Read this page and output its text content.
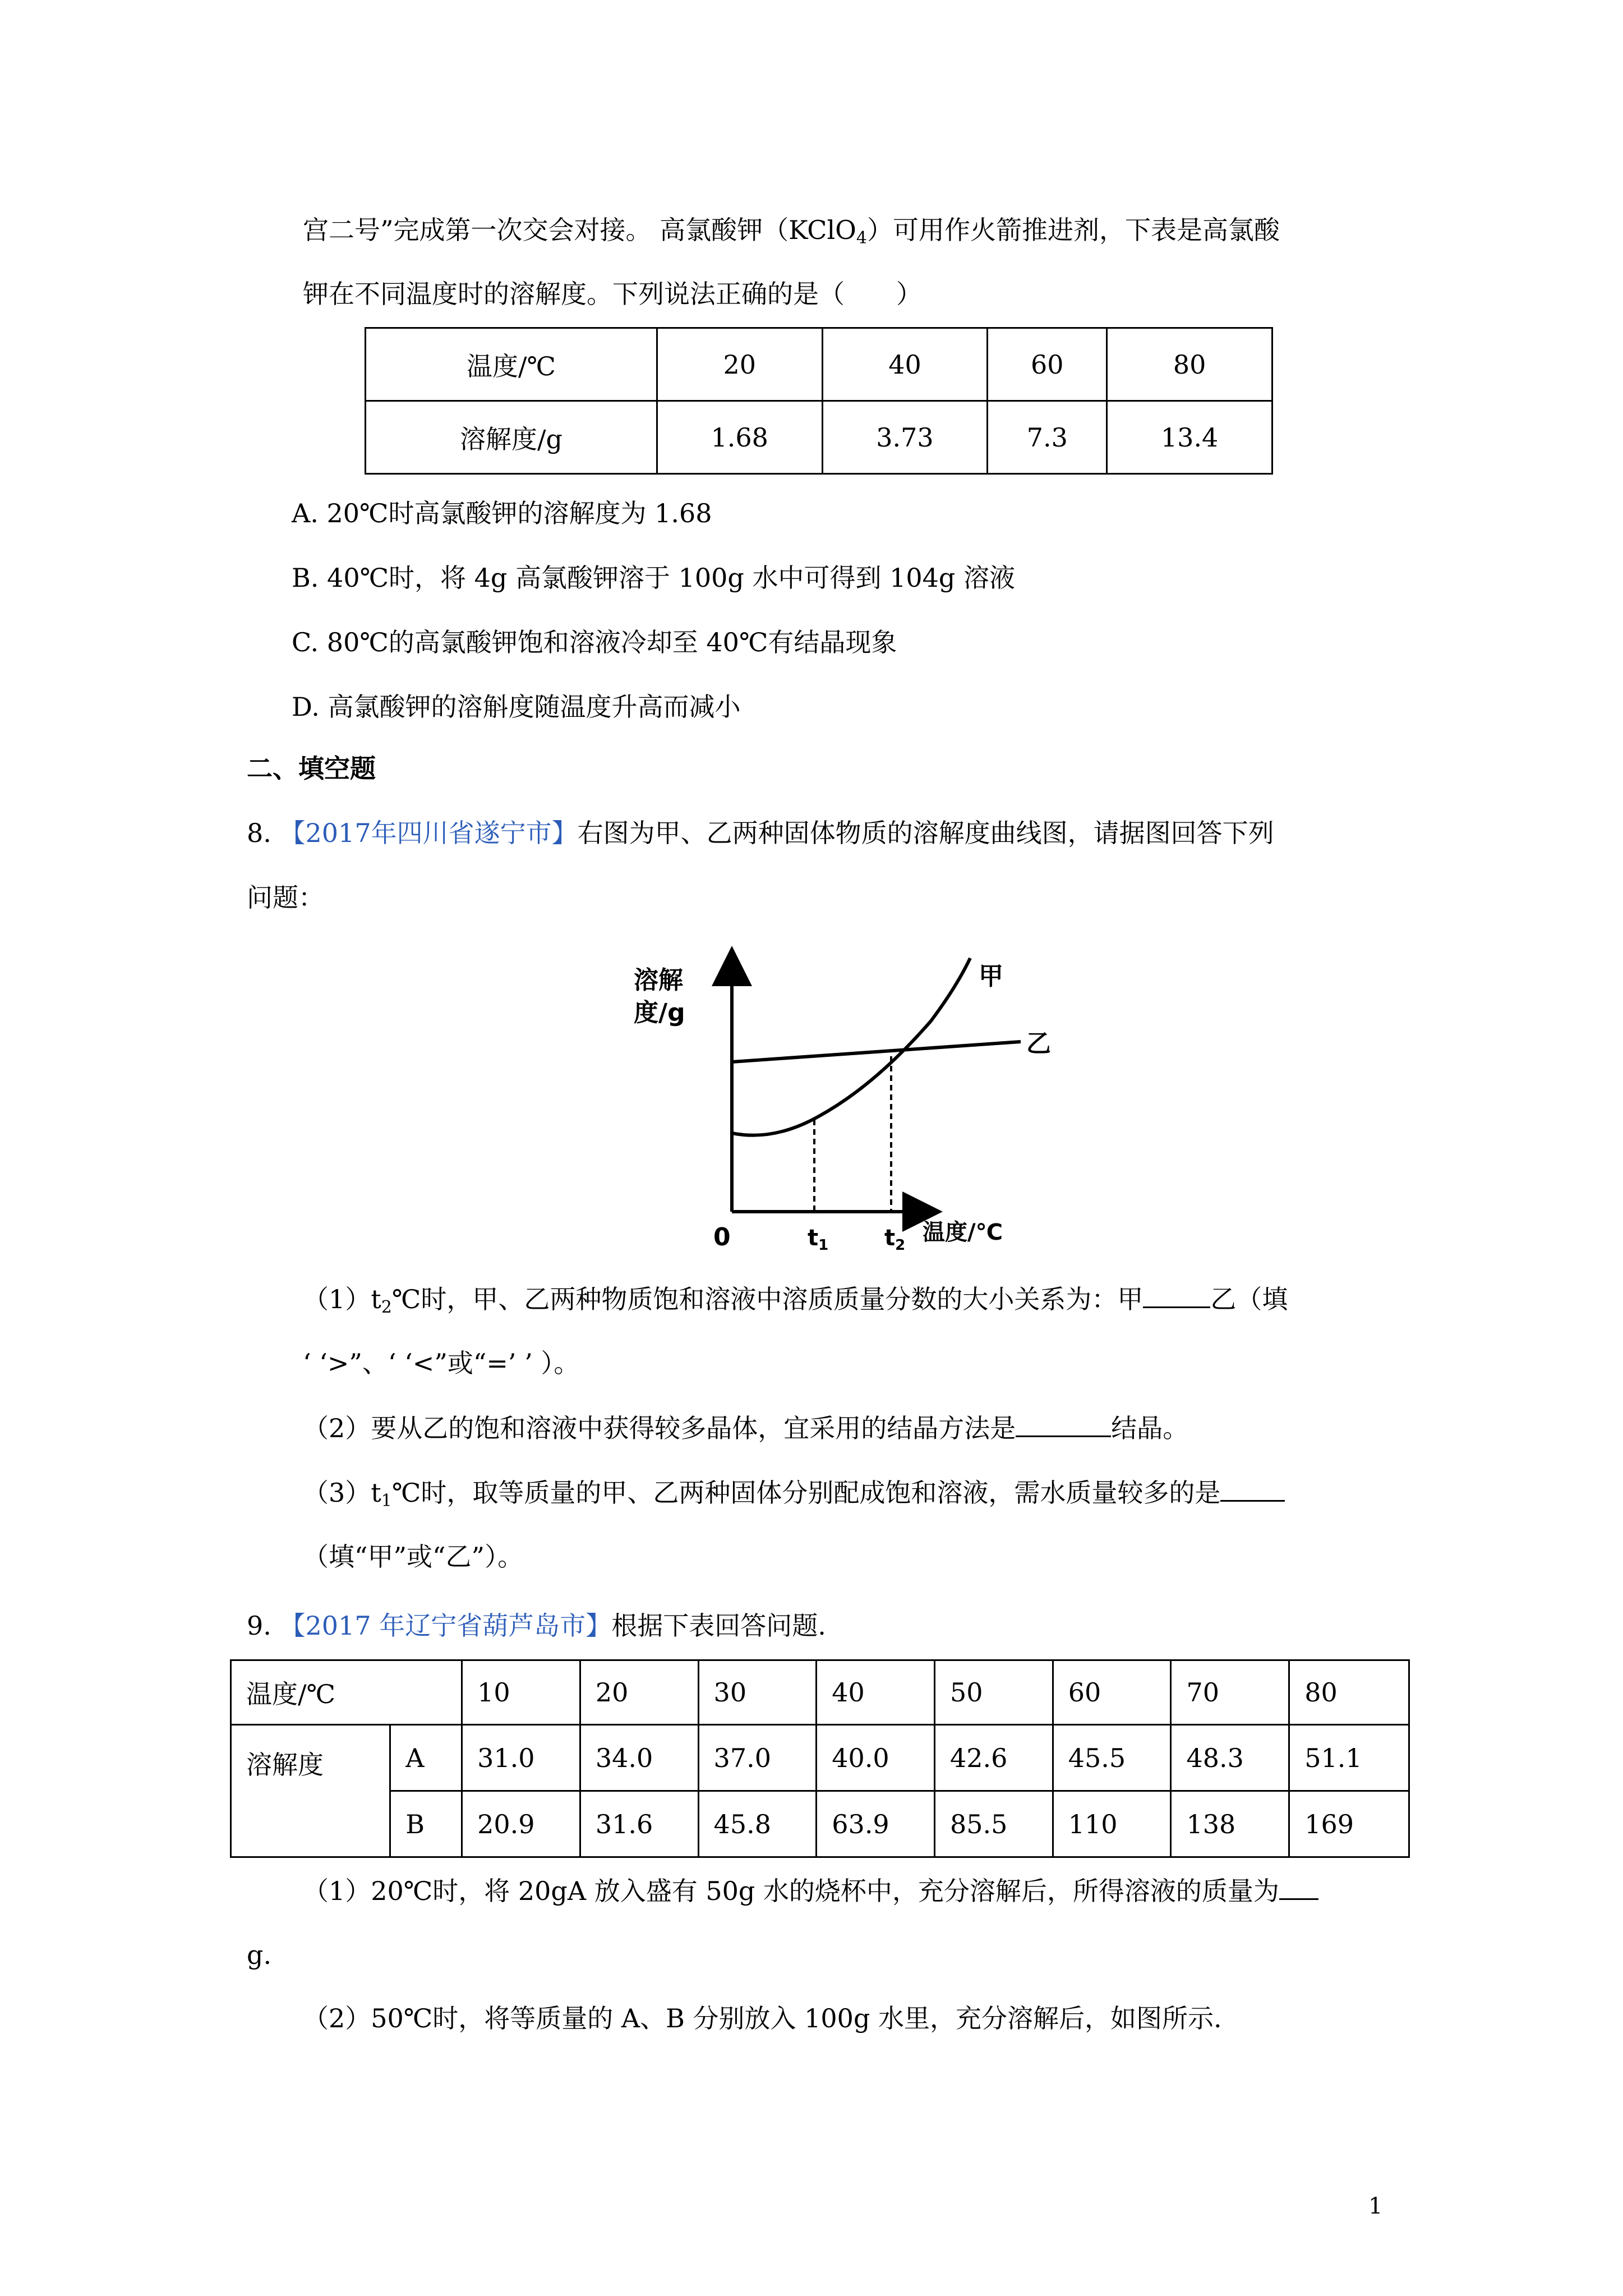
宫二号”完成第一次交会对接。 高氯酸钾（KClO$_4$）可用作火箭推进剂，下表是高氯酸
钾在不同温度时的溶解度。下列说法正确的是（　　）
温度/℃	20	40	60	80
溶解度/g	1.68	3.73	7.3	13.4
A. 20℃时高氯酸钾的溶解度为 1.68
B. 40℃时，将 4g 高氯酸钾溶于 100g 水中可得到 104g 溶液
C. 80℃的高氯酸钾饱和溶液冷却至 40℃有结晶现象
D. 高氯酸钾的溶斛度随温度升高而减小
二、填空题
8. 【2017年四川省遂宁市】右图为甲、乙两种固体物质的溶解度曲线图，请据图回答下列
问题：
溶解
度/g
甲
乙
0	$t_1$ $t_2$ 温度/℃
$(1)t_2℃$时，甲、乙两种物质饱和溶液中溶质质量分数的大小关系为：甲	乙（填
‘ ‘>”、‘ ‘<”或“=’ ’ ）。
（2）要从乙的饱和溶液中获得较多晶体，宜采用的结晶方法是	结晶。
$(3)t_1℃$时，取等质量的甲、乙两种固体分别配成饱和溶液，需水质量较多的是
（填“甲”或“乙”）。
9. 【2017 年辽宁省葫芦岛市】根据下表回答问题.
温度/℃		10	20	30	40	50	60	70	80
溶解度	A	31.0	34.0	37.0	40.0	42.6	45.5	48.3	51.1
	B	20.9	31.6	45.8	63.9	85.5	110	138	169
（1）20℃时，将 20gA 放入盛有 50g 水的烧杯中，充分溶解后，所得溶液的质量为
g.
（2）50℃时，将等质量的 A、B 分别放入 100g 水里，充分溶解后，如图所示.
1
